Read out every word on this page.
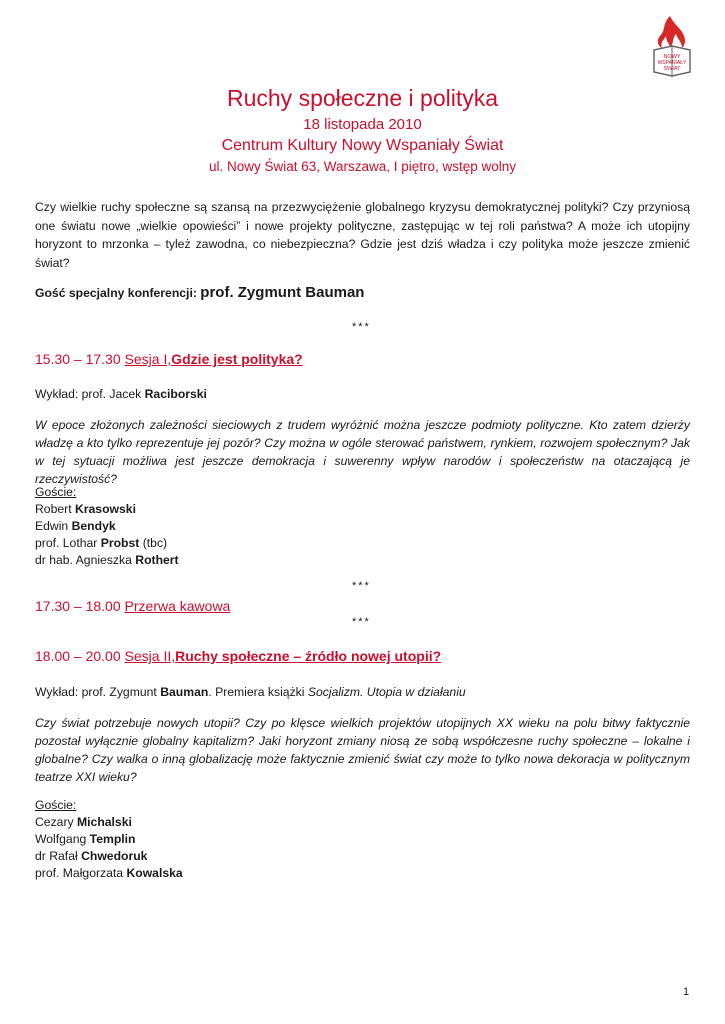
NOWY
WSPANIAŁY
ŚWIAT
Ruchy społeczne i polityka
18 listopada 2010
Centrum Kultury Nowy Wspaniały Świat
ul. Nowy Świat 63, Warszawa, I piętro, wstęp wolny
Czy wielkie ruchy społeczne są szansą na przezwyciężenie globalnego kryzysu demokratycznej polityki? Czy przyniosą one światu nowe „wielkie opowieści” i nowe projekty polityczne, zastępując w tej roli państwa? A może ich utopijny horyzont to mrzonka – tyleż zawodna, co niebezpieczna? Gdzie jest dziś władza i czy polityka może jeszcze zmienić świat?
Gość specjalny konferencji: prof. Zygmunt Bauman
***
15.30 – 17.30 Sesja I,Gdzie jest polityka?
Wykład: prof. Jacek Raciborski
W epoce złożonych zależności sieciowych z trudem wyróżnić można jeszcze podmioty polityczne. Kto zatem dzierży władzę a kto tylko reprezentuje jej pozór? Czy można w ogóle sterować państwem, rynkiem, rozwojem społecznym? Jak w tej sytuacji możliwa jest jeszcze demokracja i suwerenny wpływ narodów i społeczeństw na otaczającą je rzeczywistość?
Goście:
Robert Krasowski
Edwin Bendyk
prof. Lothar Probst (tbc)
dr hab. Agnieszka Rothert
***
17.30 – 18.00 Przerwa kawowa
***
18.00 – 20.00 Sesja II,Ruchy społeczne – źródło nowej utopii?
Wykład: prof. Zygmunt Bauman. Premiera książki Socjalizm. Utopia w działaniu
Czy świat potrzebuje nowych utopii? Czy po klęsce wielkich projektów utopijnych XX wieku na polu bitwy faktycznie pozostał wyłącznie globalny kapitalizm? Jaki horyzont zmiany niosą ze sobą współczesne ruchy społeczne – lokalne i globalne? Czy walka o inną globalizację może faktycznie zmienić świat czy może to tylko nowa dekoracja w politycznym teatrze XXI wieku?
Goście:
Cezary Michalski
Wolfgang Templin
dr Rafał Chwedoruk
prof. Małgorzata Kowalska
1
